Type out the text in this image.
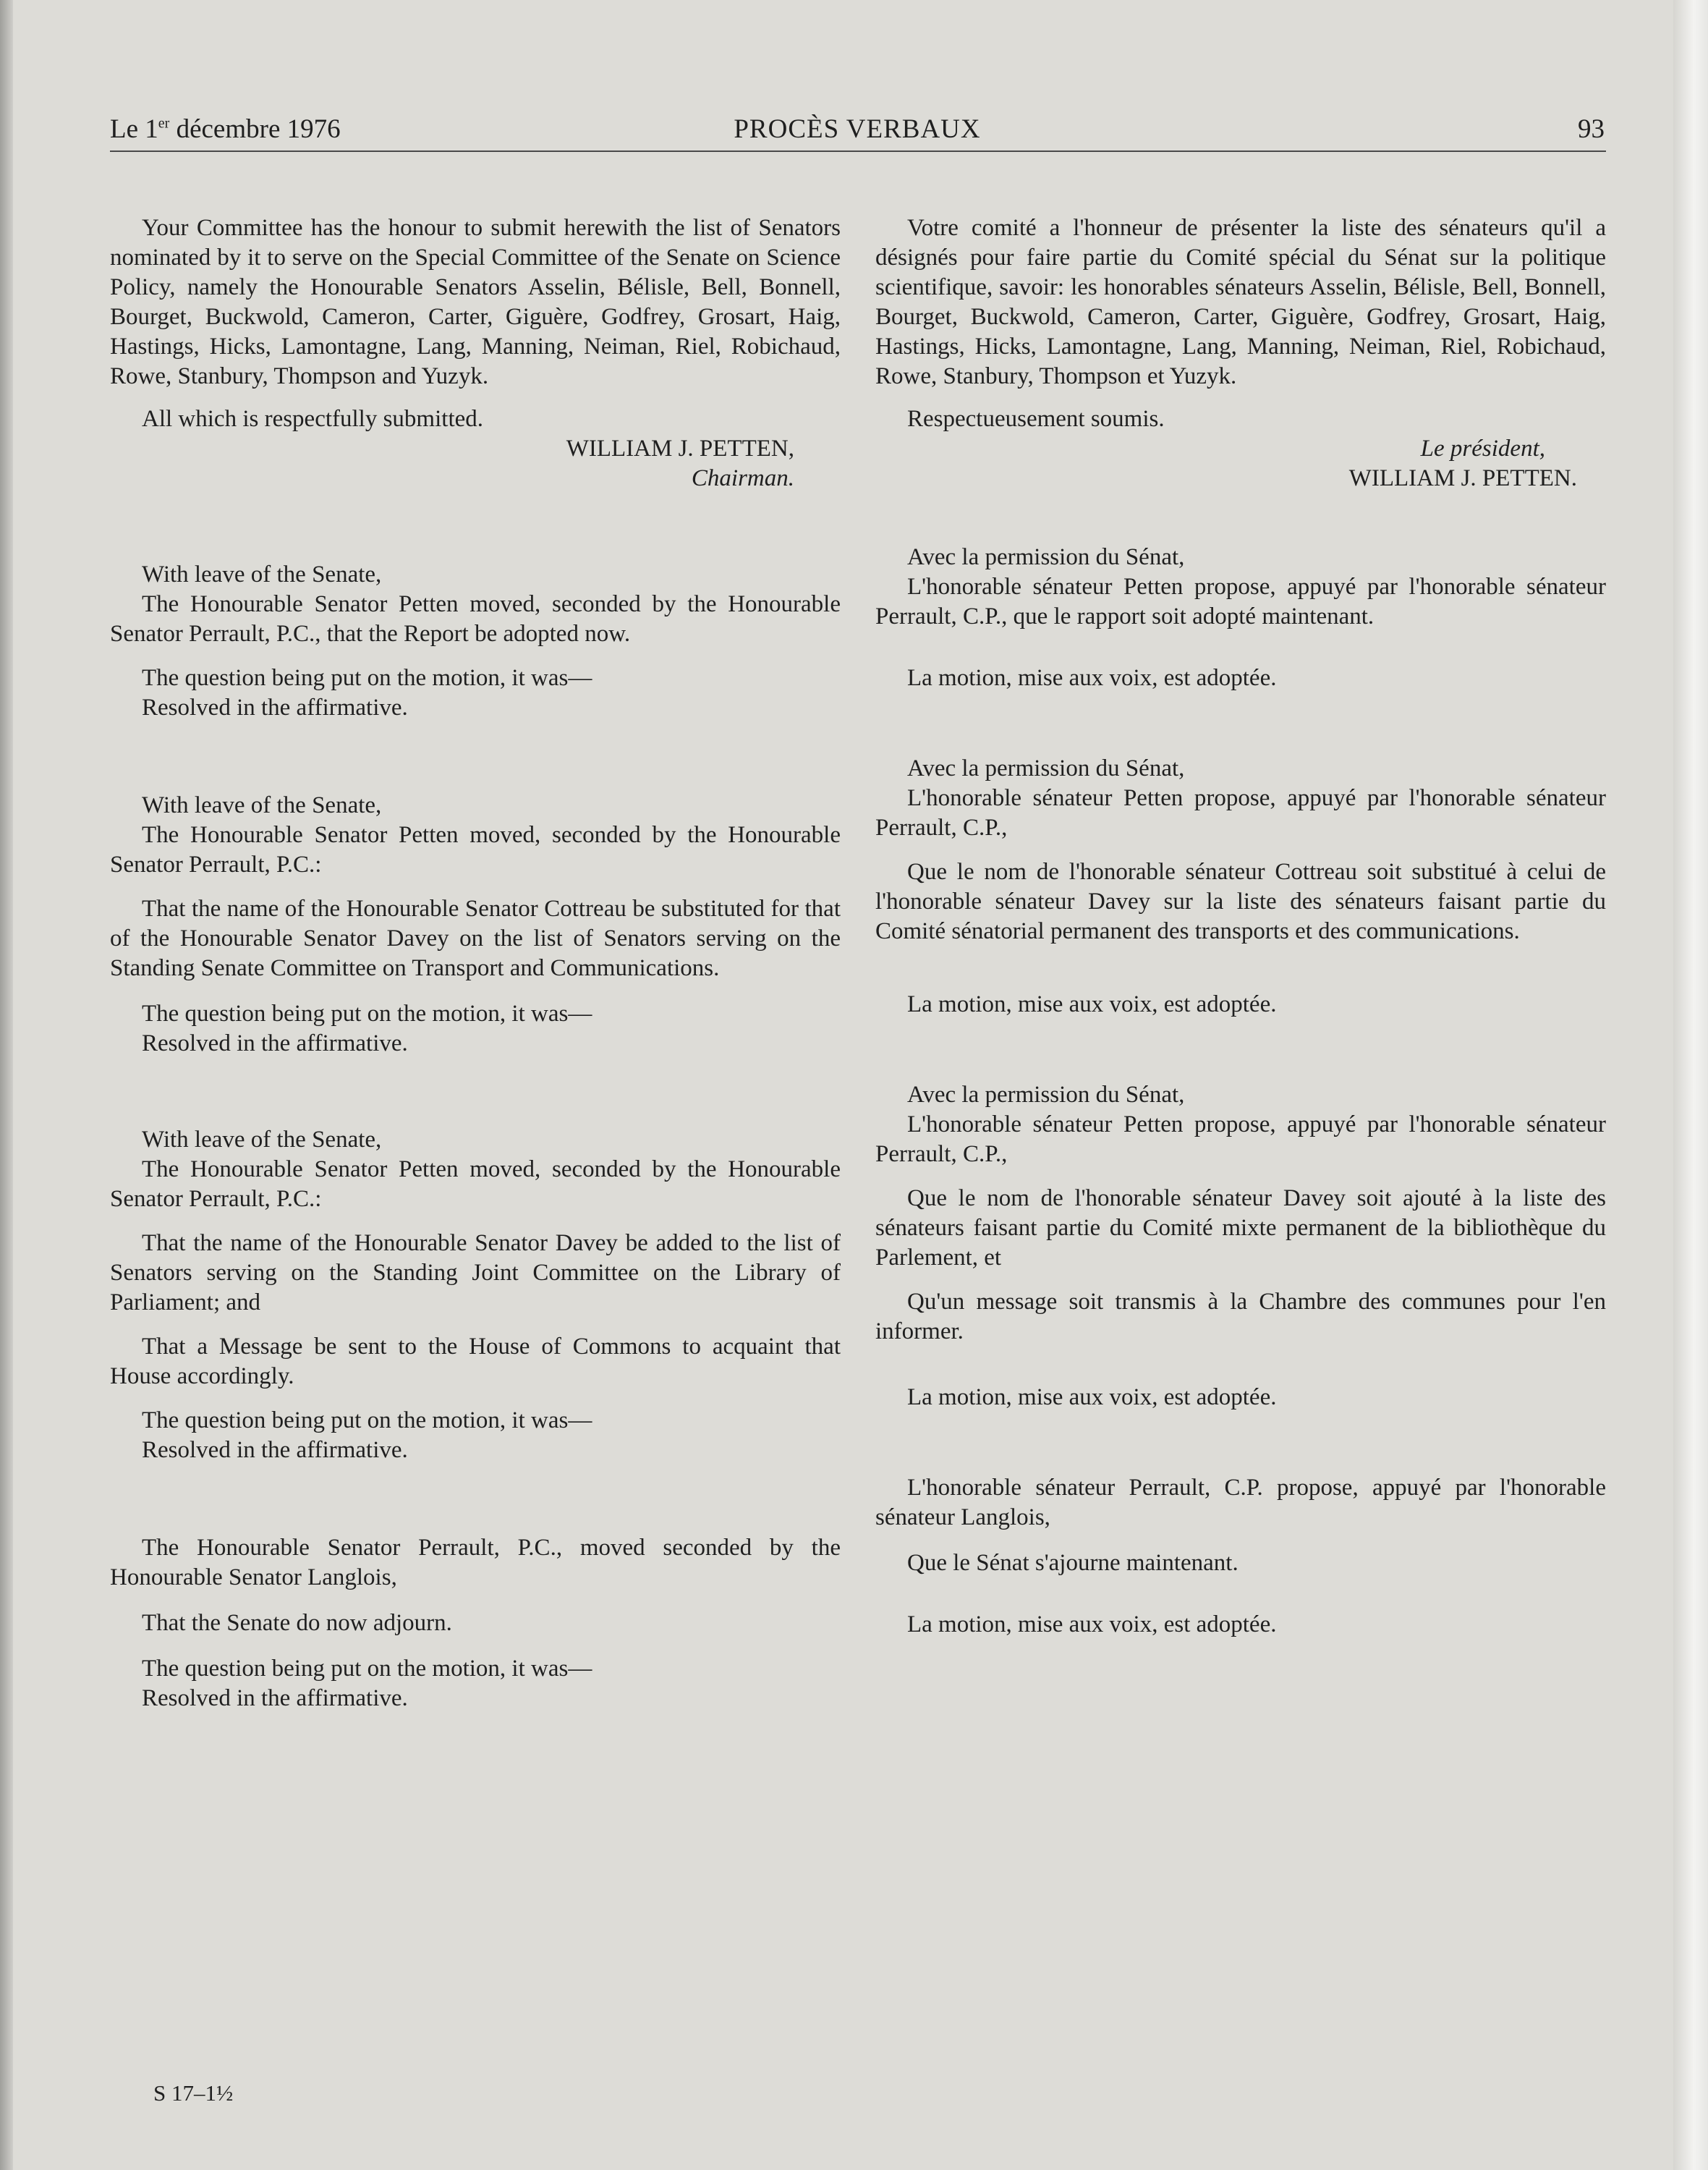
Le 1er décembre 1976	PROCÈS VERBAUX	93

Your Committee has the honour to submit herewith the list of Senators nominated by it to serve on the Special Committee of the Senate on Science Policy, namely the Honourable Senators Asselin, Bélisle, Bell, Bonnell, Bourget, Buckwold, Cameron, Carter, Giguère, Godfrey, Grosart, Haig, Hastings, Hicks, Lamontagne, Lang, Manning, Neiman, Riel, Robichaud, Rowe, Stanbury, Thompson and Yuzyk.

All which is respectfully submitted.

WILLIAM J. PETTEN,

Chairman.

With leave of the Senate,

The Honourable Senator Petten moved, seconded by the Honourable Senator Perrault, P.C., that the Report be adopted now.

The question being put on the motion, it was—

Resolved in the affirmative.

With leave of the Senate,

The Honourable Senator Petten moved, seconded by the Honourable Senator Perrault, P.C.:

That the name of the Honourable Senator Cottreau be substituted for that of the Honourable Senator Davey on the list of Senators serving on the Standing Senate Committee on Transport and Communications.

The question being put on the motion, it was—

Resolved in the affirmative.

With leave of the Senate,

The Honourable Senator Petten moved, seconded by the Honourable Senator Perrault, P.C.:

That the name of the Honourable Senator Davey be added to the list of Senators serving on the Standing Joint Committee on the Library of Parliament; and

That a Message be sent to the House of Commons to acquaint that House accordingly.

The question being put on the motion, it was—

Resolved in the affirmative.

The Honourable Senator Perrault, P.C., moved seconded by the Honourable Senator Langlois,

That the Senate do now adjourn.

The question being put on the motion, it was—

Resolved in the affirmative.

Votre comité a l'honneur de présenter la liste des sénateurs qu'il a désignés pour faire partie du Comité spécial du Sénat sur la politique scientifique, savoir: les honorables sénateurs Asselin, Bélisle, Bell, Bonnell, Bourget, Buckwold, Cameron, Carter, Giguère, Godfrey, Grosart, Haig, Hastings, Hicks, Lamontagne, Lang, Manning, Neiman, Riel, Robichaud, Rowe, Stanbury, Thompson et Yuzyk.

Respectueusement soumis.

Le président,

WILLIAM J. PETTEN.

Avec la permission du Sénat,

L'honorable sénateur Petten propose, appuyé par l'honorable sénateur Perrault, C.P., que le rapport soit adopté maintenant.

La motion, mise aux voix, est adoptée.

Avec la permission du Sénat,

L'honorable sénateur Petten propose, appuyé par l'honorable sénateur Perrault, C.P.,

Que le nom de l'honorable sénateur Cottreau soit substitué à celui de l'honorable sénateur Davey sur la liste des sénateurs faisant partie du Comité sénatorial permanent des transports et des communications.

La motion, mise aux voix, est adoptée.

Avec la permission du Sénat,

L'honorable sénateur Petten propose, appuyé par l'honorable sénateur Perrault, C.P.,

Que le nom de l'honorable sénateur Davey soit ajouté à la liste des sénateurs faisant partie du Comité mixte permanent de la bibliothèque du Parlement, et

Qu'un message soit transmis à la Chambre des communes pour l'en informer.

La motion, mise aux voix, est adoptée.

L'honorable sénateur Perrault, C.P. propose, appuyé par l'honorable sénateur Langlois,

Que le Sénat s'ajourne maintenant.

La motion, mise aux voix, est adoptée.

S 17–1½
